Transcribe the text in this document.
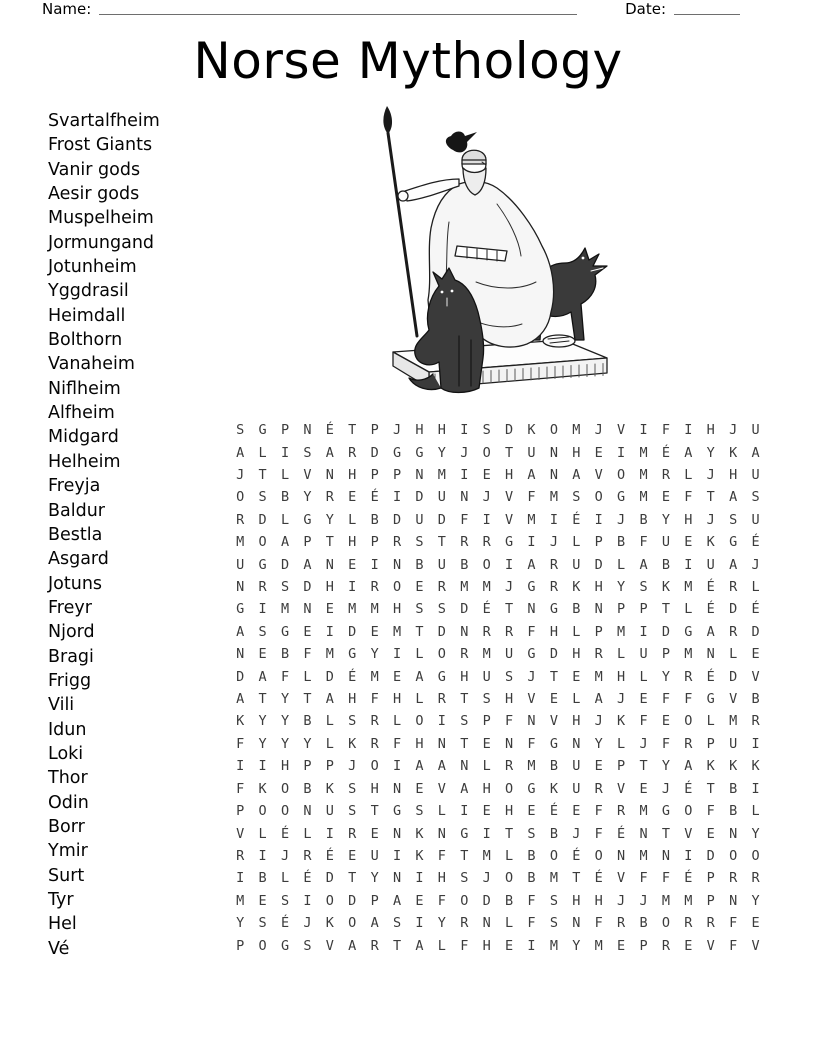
Name:	Date:
Norse Mythology
Svartalfheim
Frost Giants
Vanir gods
Aesir gods
Muspelheim
Jormungand
Jotunheim
Yggdrasil
Heimdall
Bolthorn
Vanaheim
Niflheim
Alfheim
Midgard
Helheim
Freyja
Baldur
Bestla
Asgard
Jotuns
Freyr
Njord
Bragi
Frigg
Vili
Idun
Loki
Thor
Odin
Borr
Ymir
Surt
Tyr
Hel
Vé
S	G	P	N	É	T	P	J	H	H	I	S	D	K	O	M	J	V	I	F	I	H	J	U
A	L	I	S	A	R	D	G	G	Y	J	O	T	U	N	H	E	I	M	É	A	Y	K	A
J	T	L	V	N	H	P	P	N	M	I	E	H	A	N	A	V	O	M	R	L	J	H	U
O	S	B	Y	R	E	É	I	D	U	N	J	V	F	M	S	O	G	M	E	F	T	A	S
R	D	L	G	Y	L	B	D	U	D	F	I	V	M	I	É	I	J	B	Y	H	J	S	U
M	O	A	P	T	H	P	R	S	T	R	R	G	I	J	L	P	B	F	U	E	K	G	É
U	G	D	A	N	E	I	N	B	U	B	O	I	A	R	U	D	L	A	B	I	U	A	J
N	R	S	D	H	I	R	O	E	R	M	M	J	G	R	K	H	Y	S	K	M	É	R	L
G	I	M	N	E	M	M	H	S	S	D	É	T	N	G	B	N	P	P	T	L	É	D	É
A	S	G	E	I	D	E	M	T	D	N	R	R	F	H	L	P	M	I	D	G	A	R	D
N	E	B	F	M	G	Y	I	L	O	R	M	U	G	D	H	R	L	U	P	M	N	L	E
D	A	F	L	D	É	M	E	A	G	H	U	S	J	T	E	M	H	L	Y	R	É	D	V
A	T	Y	T	A	H	F	H	L	R	T	S	H	V	E	L	A	J	E	F	F	G	V	B
K	Y	Y	B	L	S	R	L	O	I	S	P	F	N	V	H	J	K	F	E	O	L	M	R
F	Y	Y	Y	L	K	R	F	H	N	T	E	N	F	G	N	Y	L	J	F	R	P	U	I
I	I	H	P	P	J	O	I	A	A	N	L	R	M	B	U	E	P	T	Y	A	K	K	K
F	K	O	B	K	S	H	N	E	V	A	H	O	G	K	U	R	V	E	J	É	T	B	I
P	O	O	N	U	S	T	G	S	L	I	E	H	E	É	E	F	R	M	G	O	F	B	L
V	L	É	L	I	R	E	N	K	N	G	I	T	S	B	J	F	É	N	T	V	E	N	Y
R	I	J	R	É	E	U	I	K	F	T	M	L	B	O	É	O	N	M	N	I	D	O	O
I	B	L	É	D	T	Y	N	I	H	S	J	O	B	M	T	É	V	F	F	É	P	R	R
M	E	S	I	O	D	P	A	E	F	O	D	B	F	S	H	H	J	J	M	M	P	N	Y
Y	S	É	J	K	O	A	S	I	Y	R	N	L	F	S	N	F	R	B	O	R	R	F	E
P	O	G	S	V	A	R	T	A	L	F	H	E	I	M	Y	M	E	P	R	E	V	F	V
